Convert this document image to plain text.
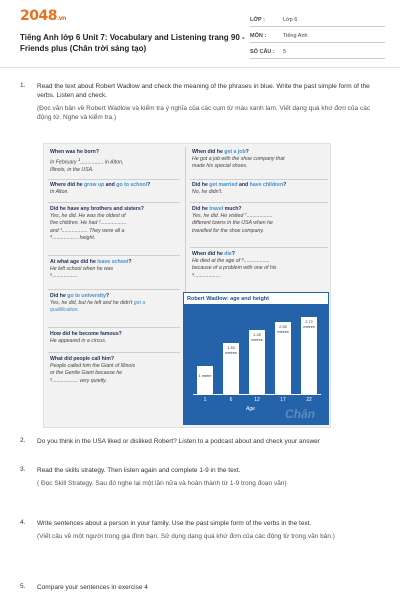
2048.vn
Tiếng Anh lớp 6 Unit 7: Vocabulary and Listening trang 90 - Friends plus (Chân trời sáng tạo)
LỚP :	Lớp 6
MÔN :	Tiếng Anh
SỐ CÂU :	5
1. Read the text about Robert Wadlow and check the meaning of the phrases in blue. Write the past simple form of the verbs. Listen and check.
(Đọc văn bản về Robert Wadlow và kiểm tra ý nghĩa của các cụm từ màu xanh lam. Viết dạng quá khứ đơn của các động từ. Nghe và kiểm tra.)
When was he born?
In February $^1$................ in Alton,
Illinois, in the USA.
Where did he grow up and go to school?
In Alton.
Did he have any brothers and sisters?
Yes, he did. He was the oldest of
five children. He had ²..................
and ³.................. They were all a
⁴.................. height.
At what age did he leave school?
He left school when he was
⁵..................
Did he go to university?
Yes, he did, but he left and he didn't get a
qualification.
How did he become famous?
He appeared in a circus.
What did people call him?
People called him the Giant of Illinois
or the Gentle Giant because he
⁶.................. very quietly.
When did he get a job?
He got a job with the shoe company that
made his special shoes.
Did he get married and have children?
No, he didn't.
Did he travel much?
Yes, he did. He visited ⁷..................
different towns in the USA when he
travelled for the shoe company.
When did he die?
He died at the age of ⁸..................
because of a problem with one of his
⁹..................
Robert Wadlow: age and height
Age	Chân
1 metre
1
1.83 metres
6
2.28 metres
12
2.55 metres
17
2.72 metres
22
2. Do you think in the USA liked or disliked Robert? Listen to a podcast about and check your answer
3. Read the skills strategy. Then listen again and complete 1-9 in the text.
( Đọc Skill Strategy. Sau đó nghe lại một lần nữa và hoàn thành từ 1-9 trong đoạn văn)
4. Write sentences about a person in your family. Use the past simple form of the verbs in the text.
(Viết câu về một người trong gia đình bạn. Sử dụng dạng quá khứ đơn của các động từ trong văn bản.)
5. Compare your sentences in exercise 4
